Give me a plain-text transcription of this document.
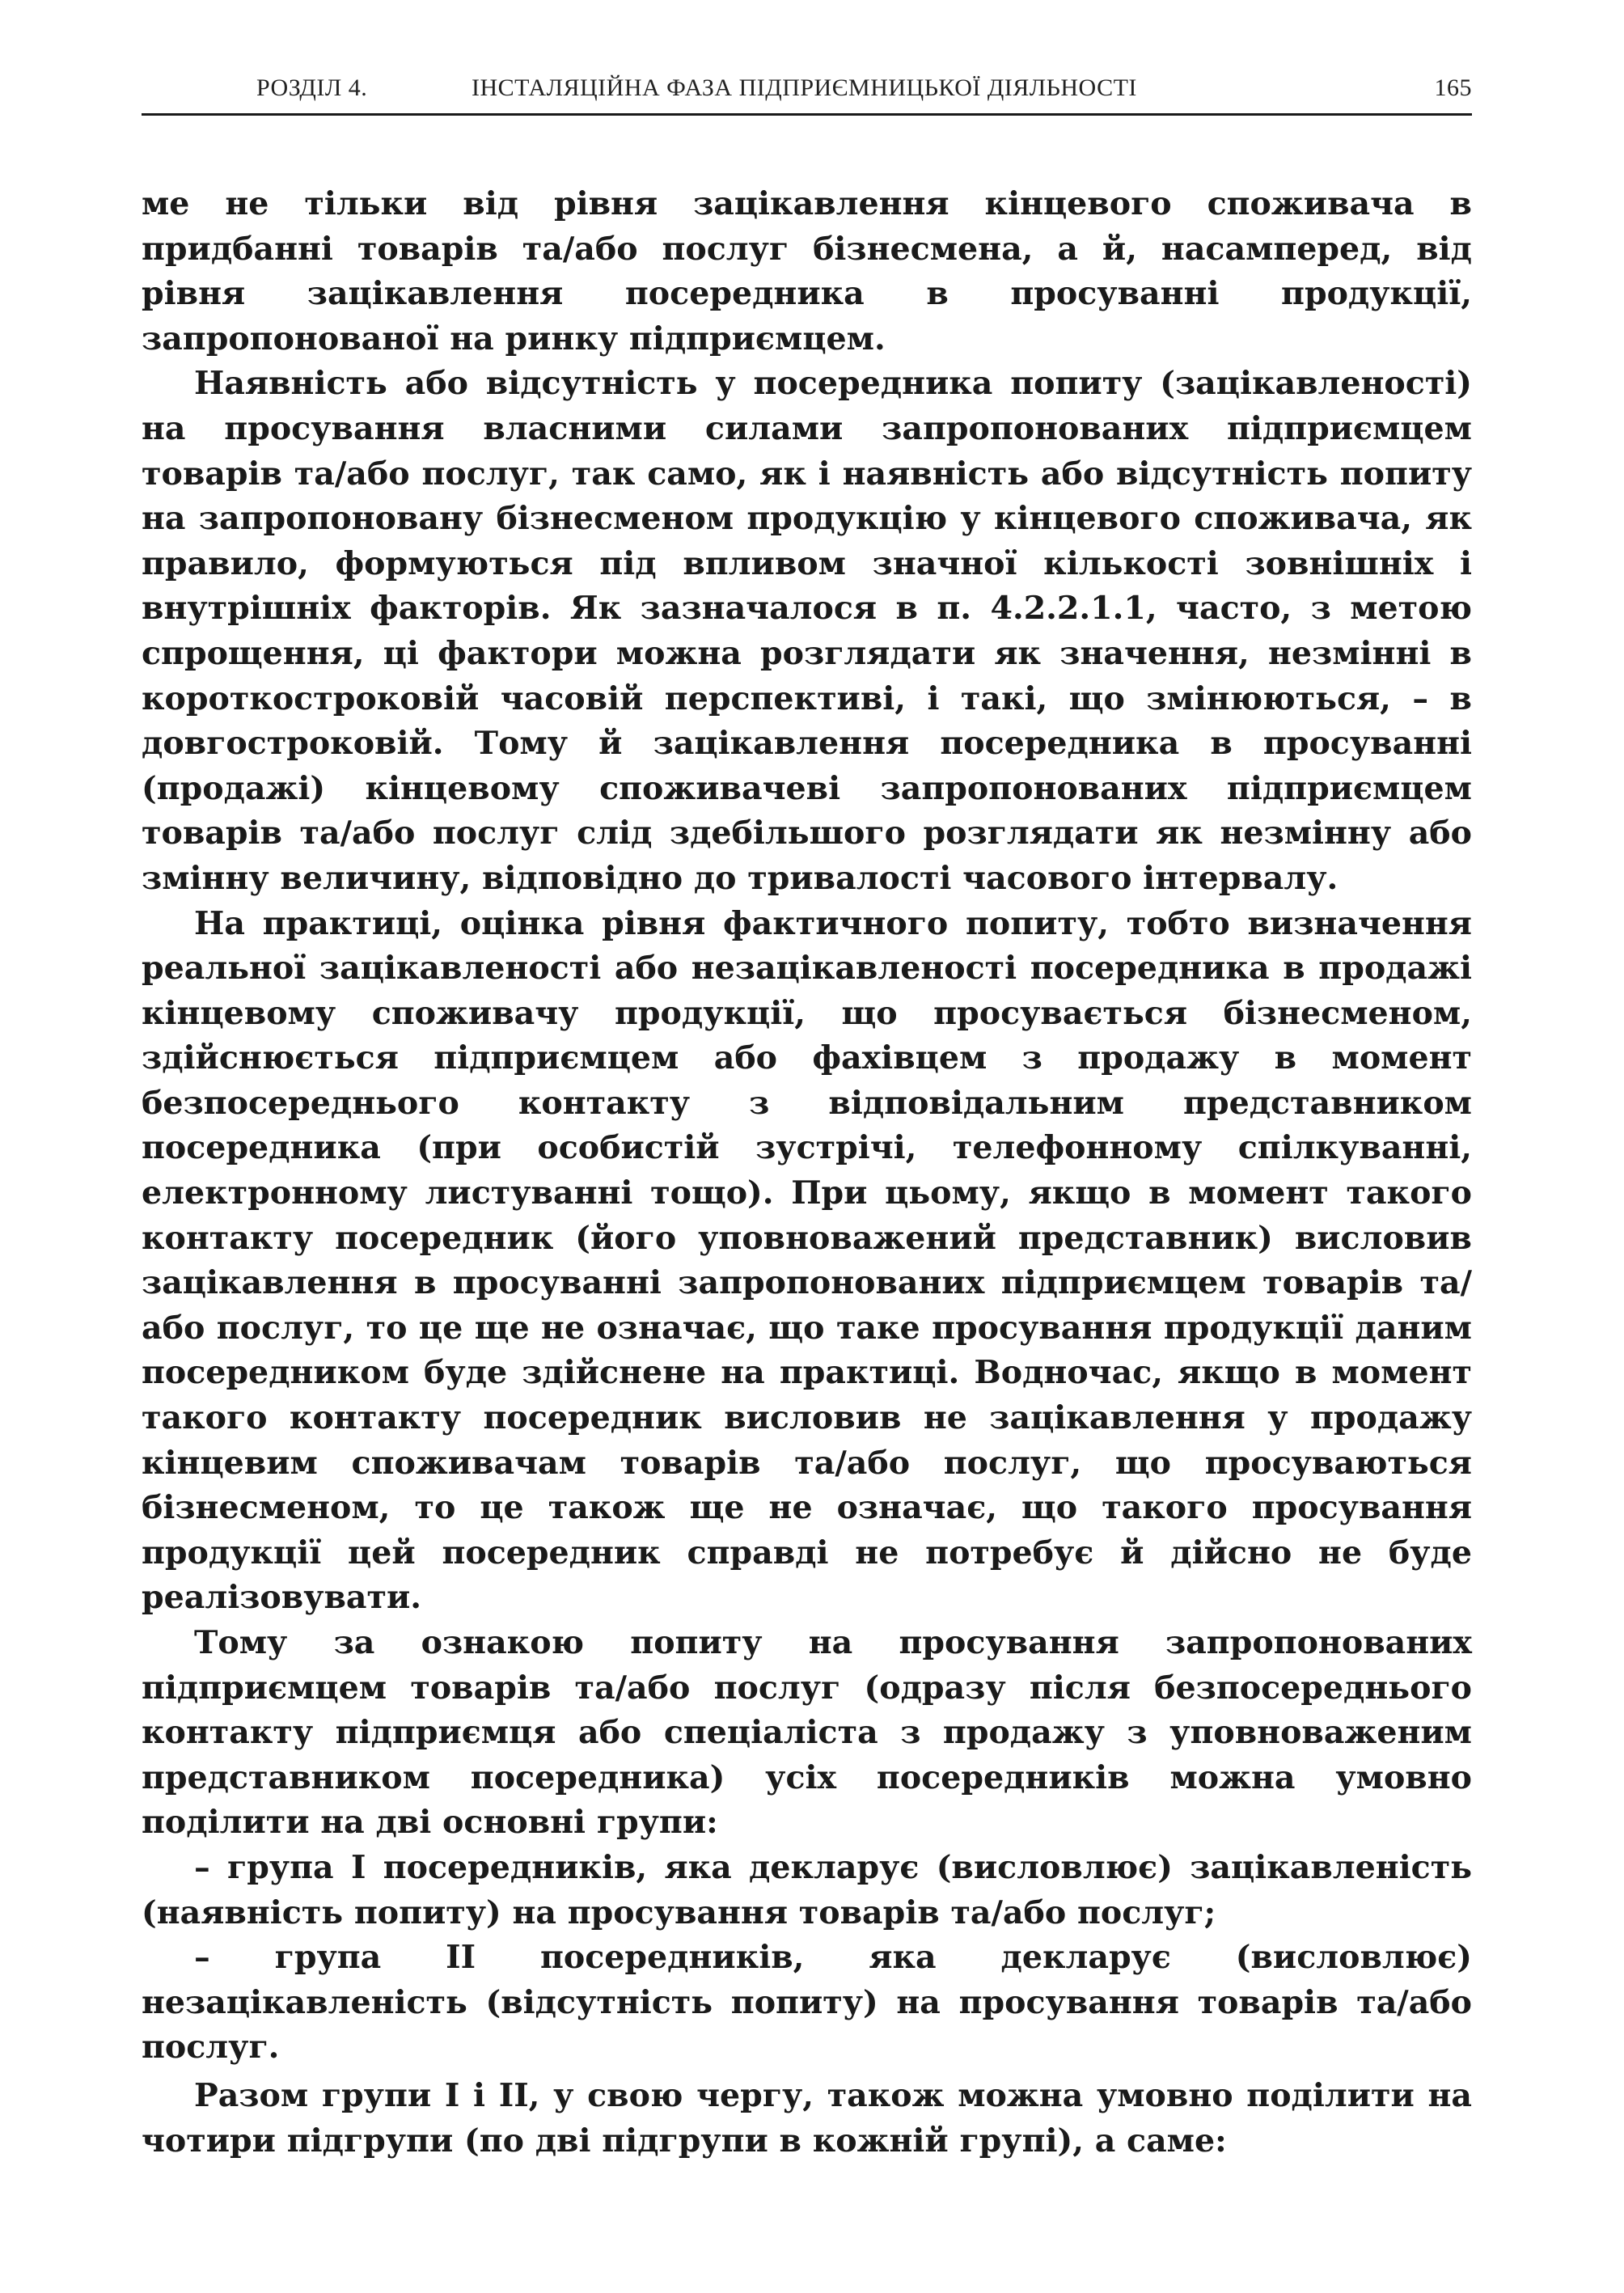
РОЗДІЛ 4.	ІНСТАЛЯЦІЙНА ФАЗА ПІДПРИЄМНИЦЬКОЇ ДІЯЛЬНОСТІ	165

ме не тільки від рівня зацікавлення кінцевого споживача в придбанні товарів та/або послуг бізнесмена, а й, насамперед, від рівня зацікавлення посередника в просуванні продукції, запропонованої на ринку підприємцем.

Наявність або відсутність у посередника попиту (зацікавленості) на просування власними силами запропонованих підприємцем товарів та/або послуг, так само, як і наявність або відсутність попиту на запропоновану бізнесменом продукцію у кінцевого споживача, як правило, формуються під впливом значної кількості зовнішніх і внутрішніх факторів. Як зазначалося в п. 4.2.2.1.1, часто, з метою спрощення, ці фактори можна розглядати як значення, незмінні в короткостроковій часовій перспективі, і такі, що змінюються, – в довгостроковій. Тому й зацікавлення посередника в просуванні (продажі) кінцевому споживачеві запропонованих підприємцем товарів та/або послуг слід здебільшого розглядати як незмінну або змінну величину, відповідно до тривалості часового інтервалу.

На практиці, оцінка рівня фактичного попиту, тобто визначення реальної зацікавленості або незацікавленості посередника в продажі кінцевому споживачу продукції, що просувається бізнесменом, здійснюється підприємцем або фахівцем з продажу в момент безпосереднього контакту з відповідальним представником посередника (при особистій зустрічі, телефонному спілкуванні, електронному листуванні тощо). При цьому, якщо в момент такого контакту посередник (його уповноважений представник) висловив зацікавлення в просуванні запропонованих підприємцем товарів та/або послуг, то це ще не означає, що таке просування продукції даним посередником буде здійснене на практиці. Водночас, якщо в момент такого контакту посередник висловив не зацікавлення у продажу кінцевим споживачам товарів та/або послуг, що просуваються бізнесменом, то це також ще не означає, що такого просування продукції цей посередник справді не потребує й дійсно не буде реалізовувати.

Тому за ознакою попиту на просування запропонованих підприємцем товарів та/або послуг (одразу після безпосереднього контакту підприємця або спеціаліста з продажу з уповноваженим представником посередника) усіх посередників можна умовно поділити на дві основні групи:

– група I посередників, яка декларує (висловлює) зацікавленість (наявність попиту) на просування товарів та/або послуг;

– група II посередників, яка декларує (висловлює) незацікавленість (відсутність попиту) на просування товарів та/або послуг.

Разом групи I і II, у свою чергу, також можна умовно поділити на чотири підгрупи (по дві підгрупи в кожній групі), а саме:
